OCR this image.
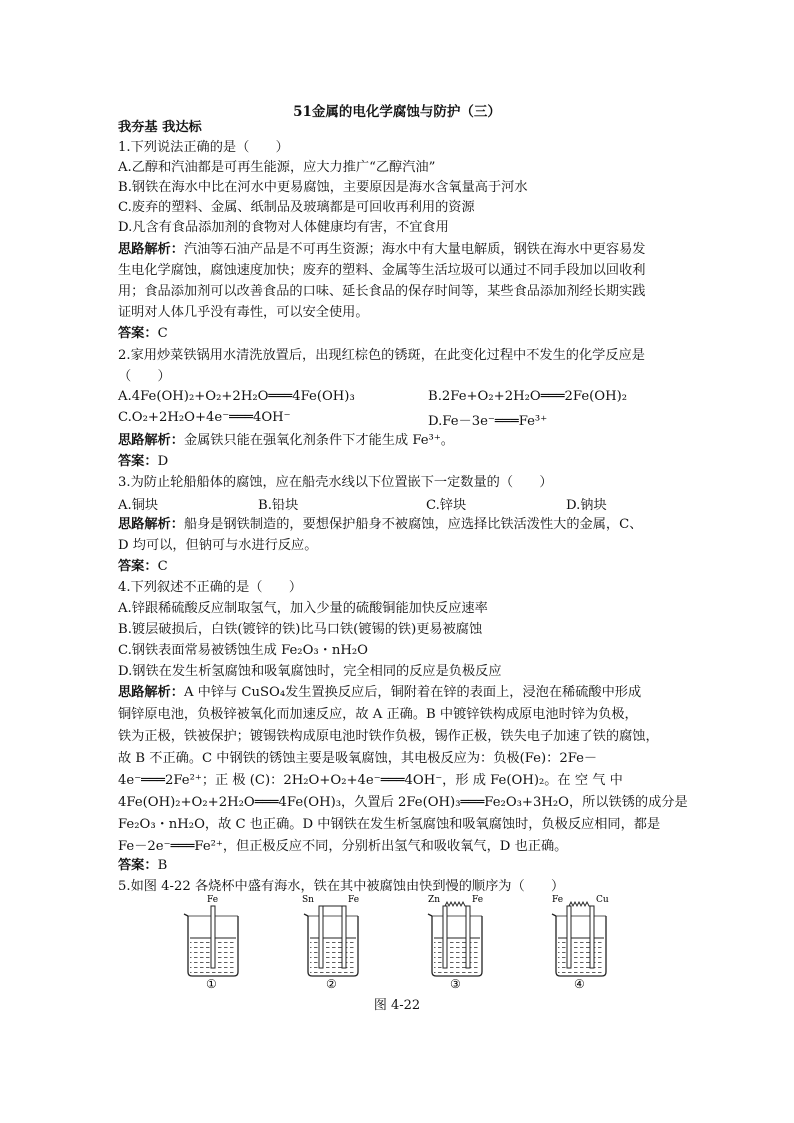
51金属的电化学腐蚀与防护（三）
我夯基 我达标
1.下列说法正确的是（　　）
A.乙醇和汽油都是可再生能源，应大力推广“乙醇汽油”
B.钢铁在海水中比在河水中更易腐蚀，主要原因是海水含氧量高于河水
C.废弃的塑料、金属、纸制品及玻璃都是可回收再利用的资源
D.凡含有食品添加剂的食物对人体健康均有害，不宜食用
思路解析：汽油等石油产品是不可再生资源；海水中有大量电解质，钢铁在海水中更容易发
生电化学腐蚀，腐蚀速度加快；废弃的塑料、金属等生活垃圾可以通过不同手段加以回收利
用；食品添加剂可以改善食品的口味、延长食品的保存时间等，某些食品添加剂经长期实践
证明对人体几乎没有毒性，可以安全使用。
答案：C
2.家用炒菜铁锅用水清洗放置后，出现红棕色的锈斑，在此变化过程中不发生的化学反应是
（　　）
A.4Fe(OH)₂+O₂+2H₂O═══4Fe(OH)₃	B.2Fe+O₂+2H₂O═══2Fe(OH)₂
C.O₂+2H₂O+4e⁻═══4OH⁻	D.Fe－3e⁻═══Fe³⁺
思路解析：金属铁只能在强氧化剂条件下才能生成 Fe³⁺。
答案：D
3.为防止轮船船体的腐蚀，应在船壳水线以下位置嵌下一定数量的（　　）
A.铜块	B.铅块	C.锌块	D.钠块
思路解析：船身是钢铁制造的，要想保护船身不被腐蚀，应选择比铁活泼性大的金属，C、
D 均可以，但钠可与水进行反应。
答案：C
4.下列叙述不正确的是（　　）
A.锌跟稀硫酸反应制取氢气，加入少量的硫酸铜能加快反应速率
B.镀层破损后，白铁(镀锌的铁)比马口铁(镀锡的铁)更易被腐蚀
C.钢铁表面常易被锈蚀生成 Fe₂O₃・nH₂O
D.钢铁在发生析氢腐蚀和吸氧腐蚀时，完全相同的反应是负极反应
思路解析：A 中锌与 CuSO₄发生置换反应后，铜附着在锌的表面上，浸泡在稀硫酸中形成
铜锌原电池，负极锌被氧化而加速反应，故 A 正确。B 中镀锌铁构成原电池时锌为负极，
铁为正极，铁被保护；镀锡铁构成原电池时铁作负极，锡作正极，铁失电子加速了铁的腐蚀，
故 B 不正确。C 中钢铁的锈蚀主要是吸氧腐蚀，其电极反应为：负极(Fe)：2Fe－
4e⁻═══2Fe²⁺；正 极 (C)：2H₂O+O₂+4e⁻═══4OH⁻，形 成 Fe(OH)₂。在 空 气 中
4Fe(OH)₂+O₂+2H₂O═══4Fe(OH)₃，久置后 2Fe(OH)₃═══Fe₂O₃+3H₂O，所以铁锈的成分是
Fe₂O₃・nH₂O，故 C 也正确。D 中钢铁在发生析氢腐蚀和吸氧腐蚀时，负极反应相同，都是
Fe－2e⁻═══Fe²⁺，但正极反应不同，分别析出氢气和吸收氧气，D 也正确。
答案：B
5.如图 4-22 各烧杯中盛有海水，铁在其中被腐蚀由快到慢的顺序为（　　）
Fe
①
Sn	Fe
②
Zn	Fe
③
Fe	Cu
④
图 4-22
